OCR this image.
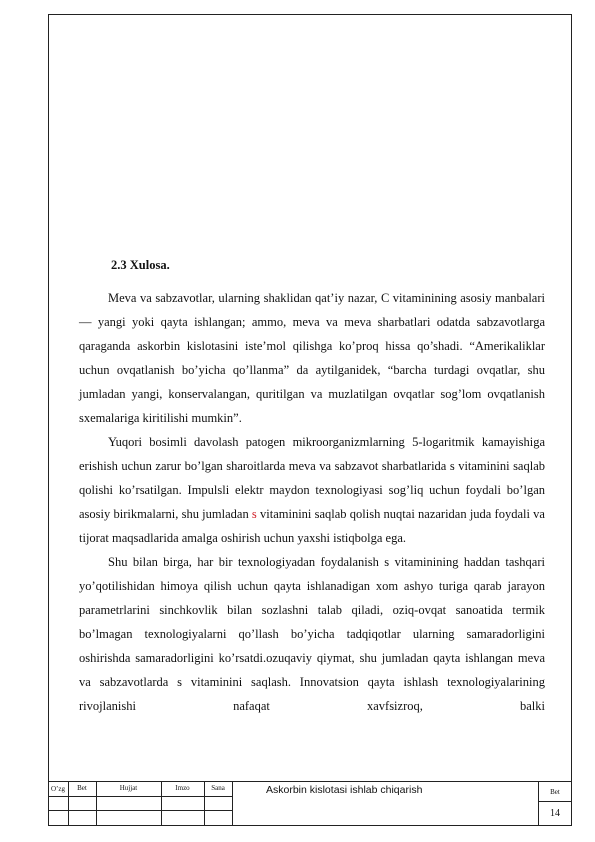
2.3 Xulosa.

Meva va sabzavotlar, ularning shaklidan qat’iy nazar, C vitaminining asosiy manbalari — yangi yoki qayta ishlangan; ammo, meva va meva sharbatlari odatda sabzavotlarga qaraganda askorbin kislotasini iste’mol qilishga ko’proq hissa qo’shadi. “Amerikaliklar uchun ovqatlanish bo’yicha qo’llanma” da aytilganidek, “barcha turdagi ovqatlar, shu jumladan yangi, konservalangan, quritilgan va muzlatilgan ovqatlar sog’lom ovqatlanish sxemalariga kiritilishi mumkin”.

Yuqori bosimli davolash patogen mikroorganizmlarning 5-logaritmik kamayishiga erishish uchun zarur bo’lgan sharoitlarda meva va sabzavot sharbatlarida s vitaminini saqlab qolishi ko’rsatilgan. Impulsli elektr maydon texnologiyasi sog’liq uchun foydali bo’lgan asosiy birikmalarni, shu jumladan s vitaminini saqlab qolish nuqtai nazaridan juda foydali va tijorat maqsadlarida amalga oshirish uchun yaxshi istiqbolga ega.

Shu bilan birga, har bir texnologiyadan foydalanish s vitaminining haddan tashqari yo’qotilishidan himoya qilish uchun qayta ishlanadigan xom ashyo turiga qarab jarayon parametrlarini sinchkovlik bilan sozlashni talab qiladi, oziq-ovqat sanoatida termik bo’lmagan texnologiyalarni qo’llash bo’yicha tadqiqotlar ularning samaradorligini oshirishda samaradorligini ko’rsatdi.ozuqaviy qiymat, shu jumladan qayta ishlangan meva va sabzavotlarda s vitaminini saqlash. Innovatsion qayta ishlash texnologiyalarining rivojlanishi nafaqat xavfsizroq, balki

O’zg	Bet	Hujjat	Imzo	Sana	Askorbin kislotasi ishlab chiqarish	Bet
14
